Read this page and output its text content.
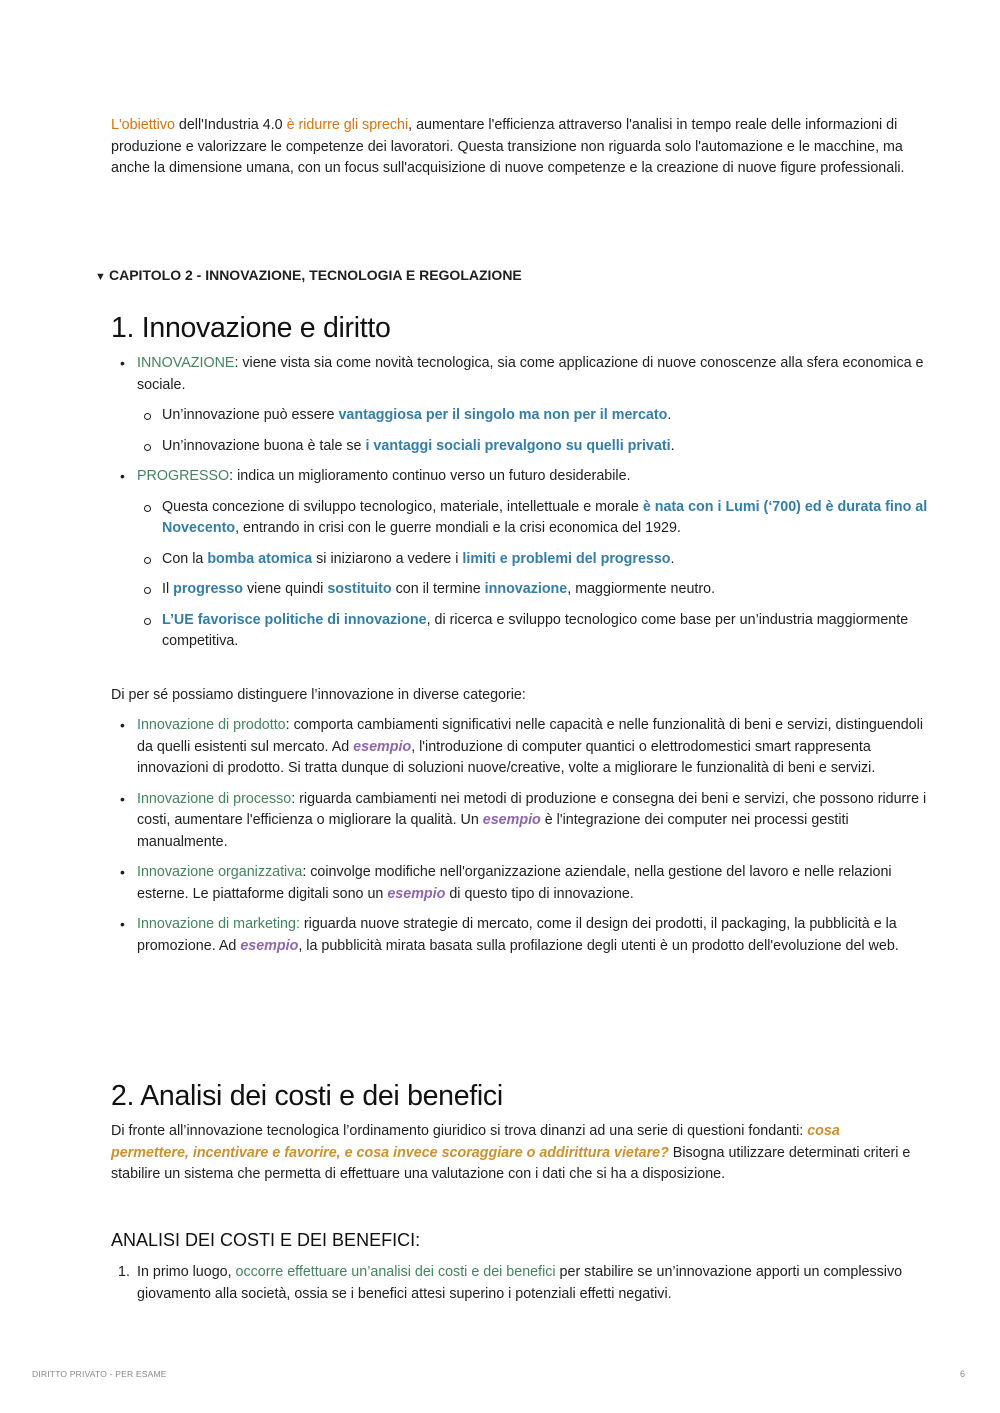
L'obiettivo dell'Industria 4.0 è ridurre gli sprechi, aumentare l'efficienza attraverso l'analisi in tempo reale delle informazioni di produzione e valorizzare le competenze dei lavoratori. Questa transizione non riguarda solo l'automazione e le macchine, ma anche la dimensione umana, con un focus sull'acquisizione di nuove competenze e la creazione di nuove figure professionali.

▼ CAPITOLO 2 - INNOVAZIONE, TECNOLOGIA E REGOLAZIONE
1. Innovazione e diritto
• INNOVAZIONE: viene vista sia come novità tecnologica, sia come applicazione di nuove conoscenze alla sfera economica e sociale.
Un’innovazione può essere vantaggiosa per il singolo ma non per il mercato.
Un’innovazione buona è tale se i vantaggi sociali prevalgono su quelli privati.
• PROGRESSO: indica un miglioramento continuo verso un futuro desiderabile.
Questa concezione di sviluppo tecnologico, materiale, intellettuale e morale è nata con i Lumi (‘700) ed è durata fino al Novecento, entrando in crisi con le guerre mondiali e la crisi economica del 1929.
Con la bomba atomica si iniziarono a vedere i limiti e problemi del progresso.
Il progresso viene quindi sostituito con il termine innovazione, maggiormente neutro.
L’UE favorisce politiche di innovazione, di ricerca e sviluppo tecnologico come base per un’industria maggiormente competitiva.

Di per sé possiamo distinguere l’innovazione in diverse categorie:

• Innovazione di prodotto: comporta cambiamenti significativi nelle capacità e nelle funzionalità di beni e servizi, distinguendoli da quelli esistenti sul mercato. Ad esempio, l'introduzione di computer quantici o elettrodomestici smart rappresenta innovazioni di prodotto. Si tratta dunque di soluzioni nuove/creative, volte a migliorare le funzionalità di beni e servizi.
• Innovazione di processo: riguarda cambiamenti nei metodi di produzione e consegna dei beni e servizi, che possono ridurre i costi, aumentare l'efficienza o migliorare la qualità. Un esempio è l'integrazione dei computer nei processi gestiti manualmente.
• Innovazione organizzativa: coinvolge modifiche nell'organizzazione aziendale, nella gestione del lavoro e nelle relazioni esterne. Le piattaforme digitali sono un esempio di questo tipo di innovazione.
• Innovazione di marketing: riguarda nuove strategie di mercato, come il design dei prodotti, il packaging, la pubblicità e la promozione. Ad esempio, la pubblicità mirata basata sulla profilazione degli utenti è un prodotto dell'evoluzione del web.
2. Analisi dei costi e dei benefici

Di fronte all’innovazione tecnologica l’ordinamento giuridico si trova dinanzi ad una serie di questioni fondanti: cosa permettere, incentivare e favorire, e cosa invece scoraggiare o addirittura vietare? Bisogna utilizzare determinati criteri e stabilire un sistema che permetta di effettuare una valutazione con i dati che si ha a disposizione.

ANALISI DEI COSTI E DEI BENEFICI:
1. In primo luogo, occorre effettuare un’analisi dei costi e dei benefici per stabilire se un’innovazione apporti un complessivo giovamento alla società, ossia se i benefici attesi superino i potenziali effetti negativi.
DIRITTO PRIVATO - PER ESAME	6
